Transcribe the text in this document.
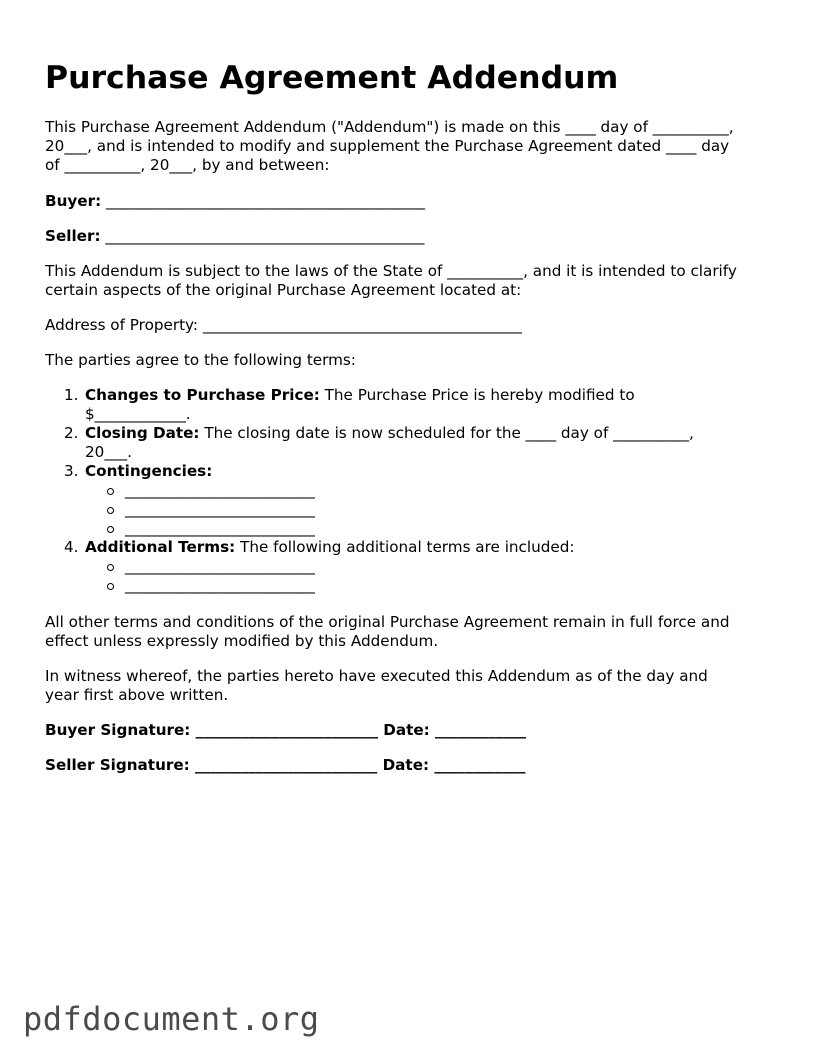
Purchase Agreement Addendum
This Purchase Agreement Addendum ("Addendum") is made on this ____ day of __________,
20___, and is intended to modify and supplement the Purchase Agreement dated ____ day
of __________, 20___, by and between:
Buyer: __________________________________________
Seller: __________________________________________
This Addendum is subject to the laws of the State of __________, and it is intended to clarify
certain aspects of the original Purchase Agreement located at:
Address of Property: __________________________________________
The parties agree to the following terms:
1. Changes to Purchase Price: The Purchase Price is hereby modified to
$____________.
2. Closing Date: The closing date is now scheduled for the ____ day of __________,
20___.
3. Contingencies:
_________________________
_________________________
_________________________
4. Additional Terms: The following additional terms are included:
_________________________
_________________________
All other terms and conditions of the original Purchase Agreement remain in full force and
effect unless expressly modified by this Addendum.
In witness whereof, the parties hereto have executed this Addendum as of the day and
year first above written.
Buyer Signature: ________________________ Date: ____________
Seller Signature: ________________________ Date: ____________
pdfdocument.org
